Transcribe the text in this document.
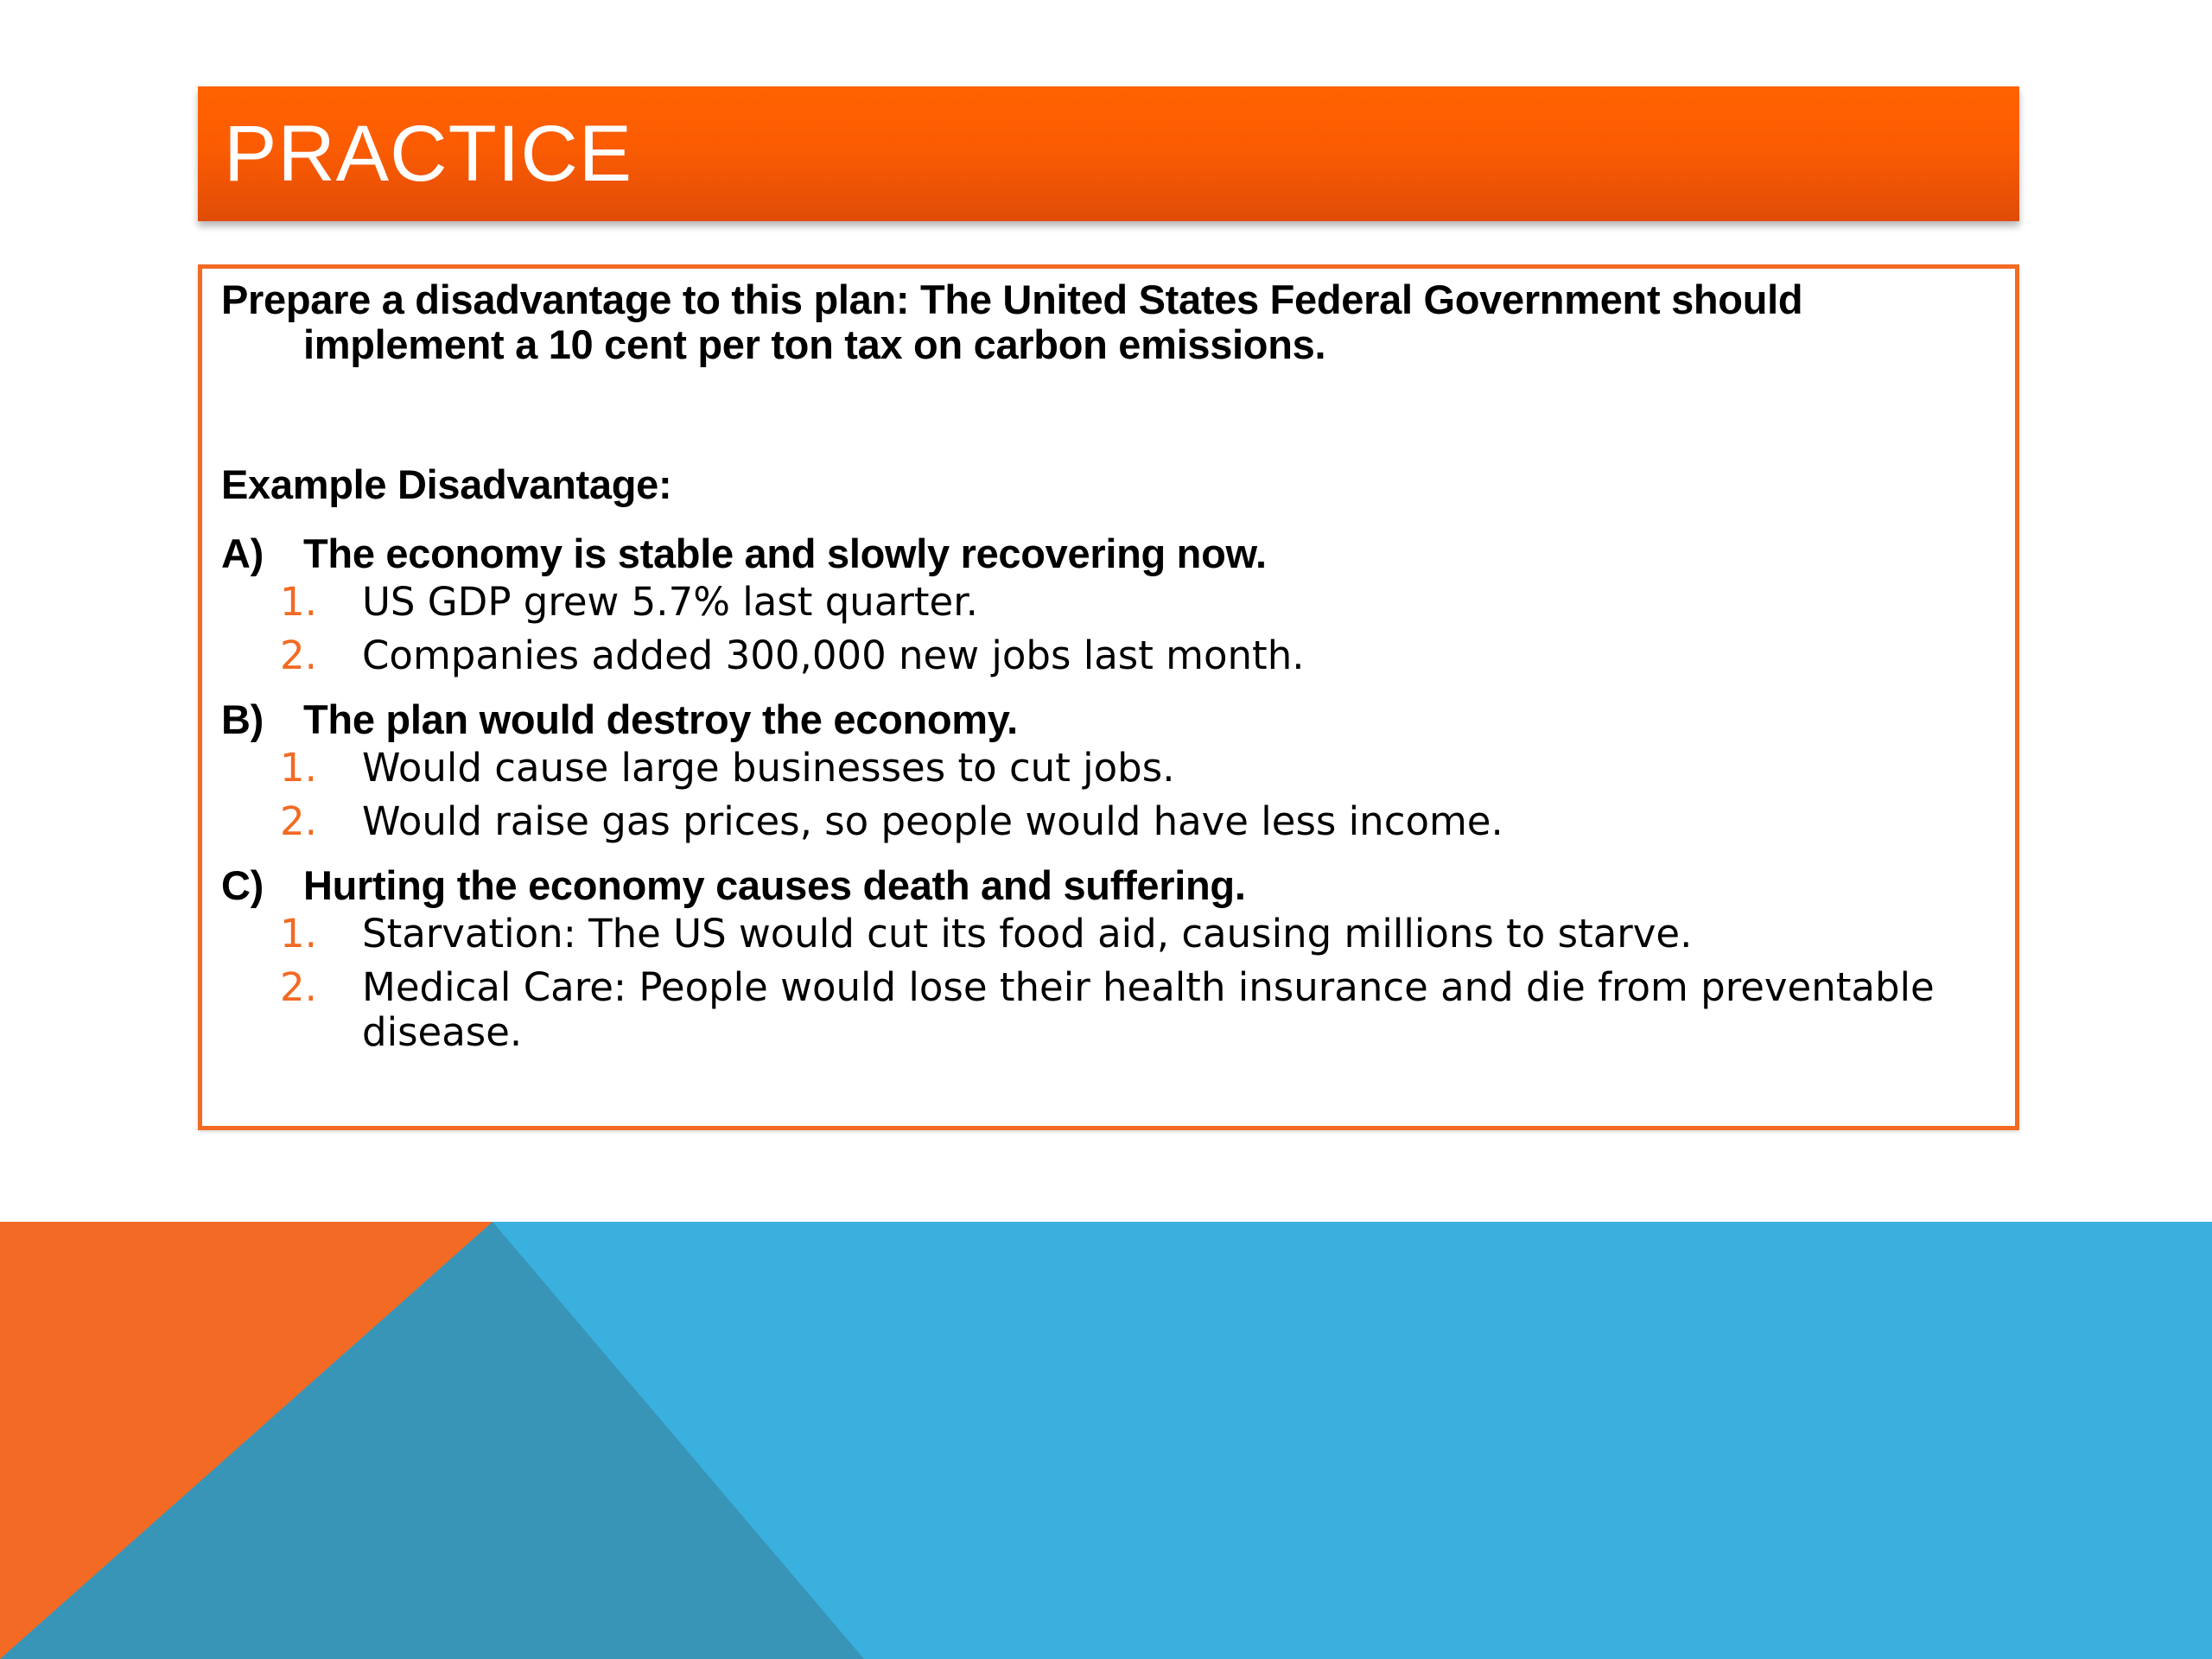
PRACTICE

Prepare a disadvantage to this plan: The United States Federal Government should implement a 10 cent per ton tax on carbon emissions.

Example Disadvantage:

A) The economy is stable and slowly recovering now.
1.	US GDP grew 5.7% last quarter.
2.	Companies added 300,000 new jobs last month.
B) The plan would destroy the economy.
1.	Would cause large businesses to cut jobs.
2.	Would raise gas prices, so people would have less income.
C) Hurting the economy causes death and suffering.
1.	Starvation: The US would cut its food aid, causing millions to starve.
2.	Medical Care: People would lose their health insurance and die from preventable disease.
